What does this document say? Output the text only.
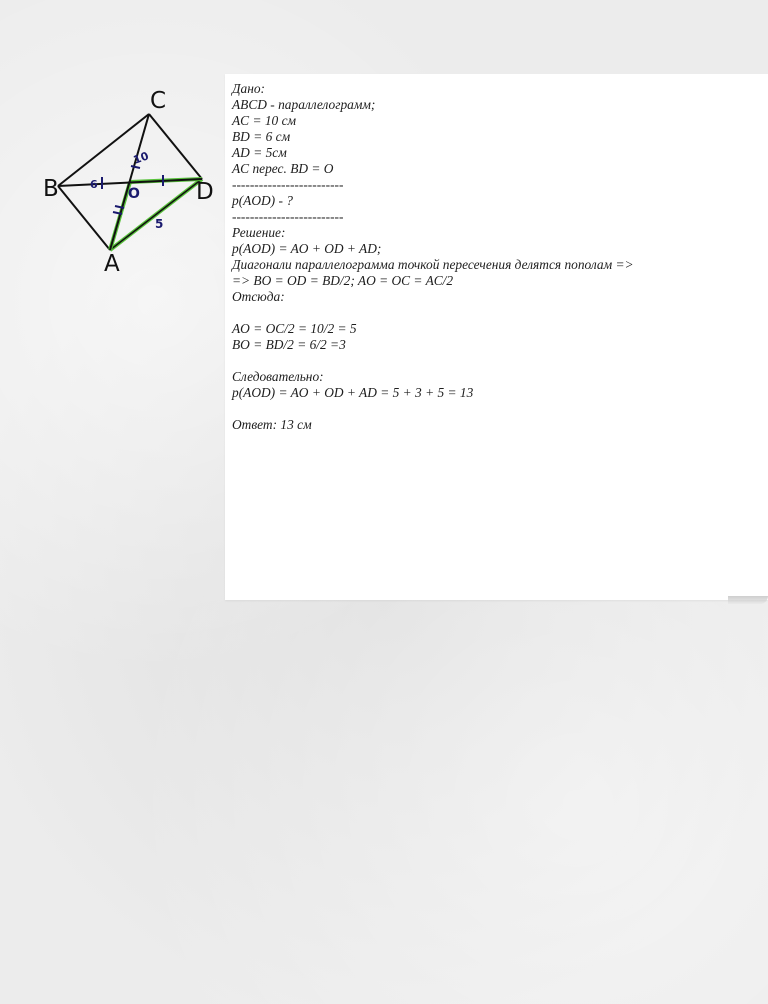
C
B	D
A
O
6
10
5
Дано:
ABCD - параллелограмм;
AC = 10 см
BD = 6 см
AD = 5см
AC перес. BD = O
-------------------------
p(AOD) - ?
-------------------------
Решение:
p(AOD) = AO + OD + AD;
Диагонали параллелограмма точкой пересечения делятся пополам =>
=> BO = OD = BD/2; AO = OC = AC/2
Отсюда:
AO = OC/2 = 10/2 = 5
BO = BD/2 = 6/2 =3
Следовательно:
p(AOD) = AO + OD + AD = 5 + 3 + 5 = 13
Ответ: 13 см
